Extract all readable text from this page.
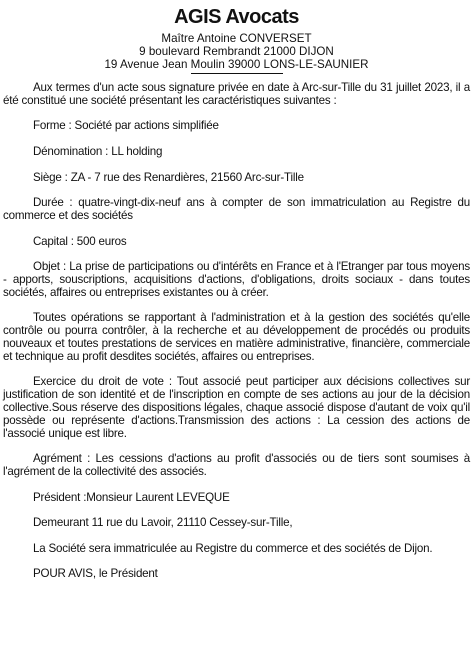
AGIS Avocats
Maître Antoine CONVERSET
9 boulevard Rembrandt 21000 DIJON
19 Avenue Jean Moulin 39000 LONS-LE-SAUNIER

Aux termes d'un acte sous signature privée en date à Arc-sur-Tille du 31 juillet 2023, il a été constitué une société présentant les caractéristiques suivantes :

Forme : Société par actions simplifiée

Dénomination : LL holding

Siège : ZA - 7 rue des Renardières, 21560 Arc-sur-Tille

Durée : quatre-vingt-dix-neuf ans à compter de son immatriculation au Registre du commerce et des sociétés

Capital : 500 euros

Objet : La prise de participations ou d'intérêts en France et à l'Etranger par tous moyens - apports, souscriptions, acquisitions d'actions, d'obligations, droits sociaux - dans toutes sociétés, affaires ou entreprises existantes ou à créer.

Toutes opérations se rapportant à l'administration et à la gestion des sociétés qu'elle contrôle ou pourra contrôler, à la recherche et au développement de procédés ou produits nouveaux et toutes prestations de services en matière administrative, financière, commerciale et technique au profit desdites sociétés, affaires ou entreprises.

Exercice du droit de vote : Tout associé peut participer aux décisions collectives sur justification de son identité et de l'inscription en compte de ses actions au jour de la décision collective.Sous réserve des dispositions légales, chaque associé dispose d'autant de voix qu'il possède ou représente d'actions.Transmission des actions : La cession des actions de l'associé unique est libre.

Agrément : Les cessions d'actions au profit d'associés ou de tiers sont soumises à l'agrément de la collectivité des associés.

Président :Monsieur Laurent LEVEQUE

Demeurant 11 rue du Lavoir, 21110 Cessey-sur-Tille,

La Société sera immatriculée au Registre du commerce et des sociétés de Dijon.

POUR AVIS, le Président
